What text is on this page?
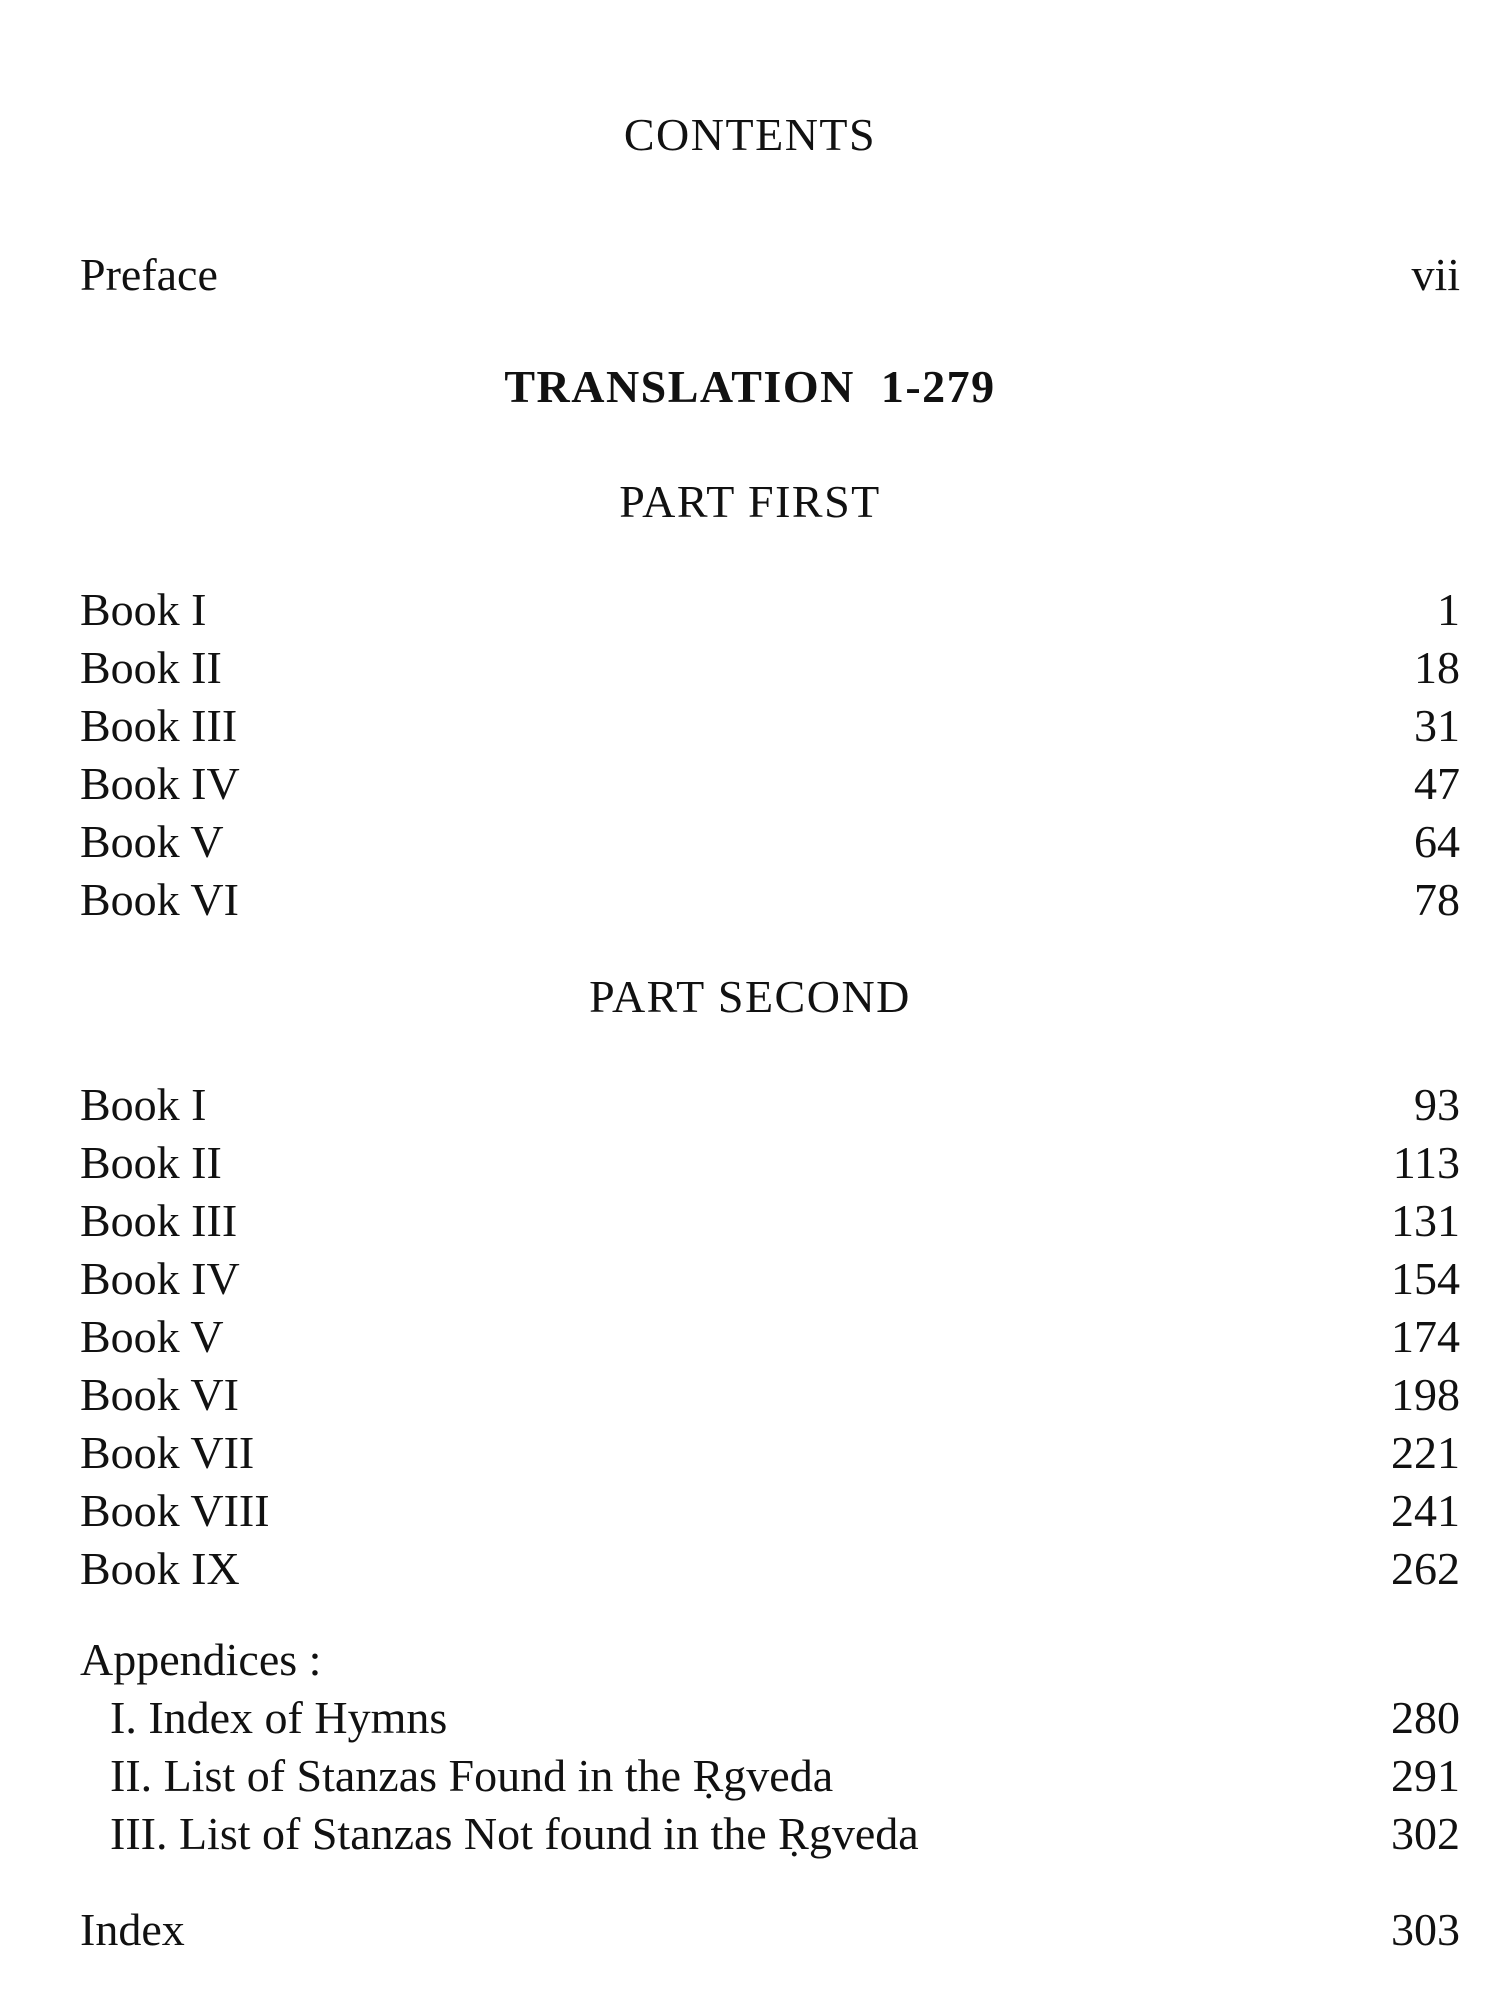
CONTENTS
Preface	vii
TRANSLATION 1-279
PART FIRST
Book I	1
Book II	18
Book III	31
Book IV	47
Book V	64
Book VI	78
PART SECOND
Book I	93
Book II	113
Book III	131
Book IV	154
Book V	174
Book VI	198
Book VII	221
Book VIII	241
Book IX	262
Appendices :
I. Index of Hymns	280
II. List of Stanzas Found in the Ṛgveda	291
III. List of Stanzas Not found in the Ṛgveda	302
Index	303
